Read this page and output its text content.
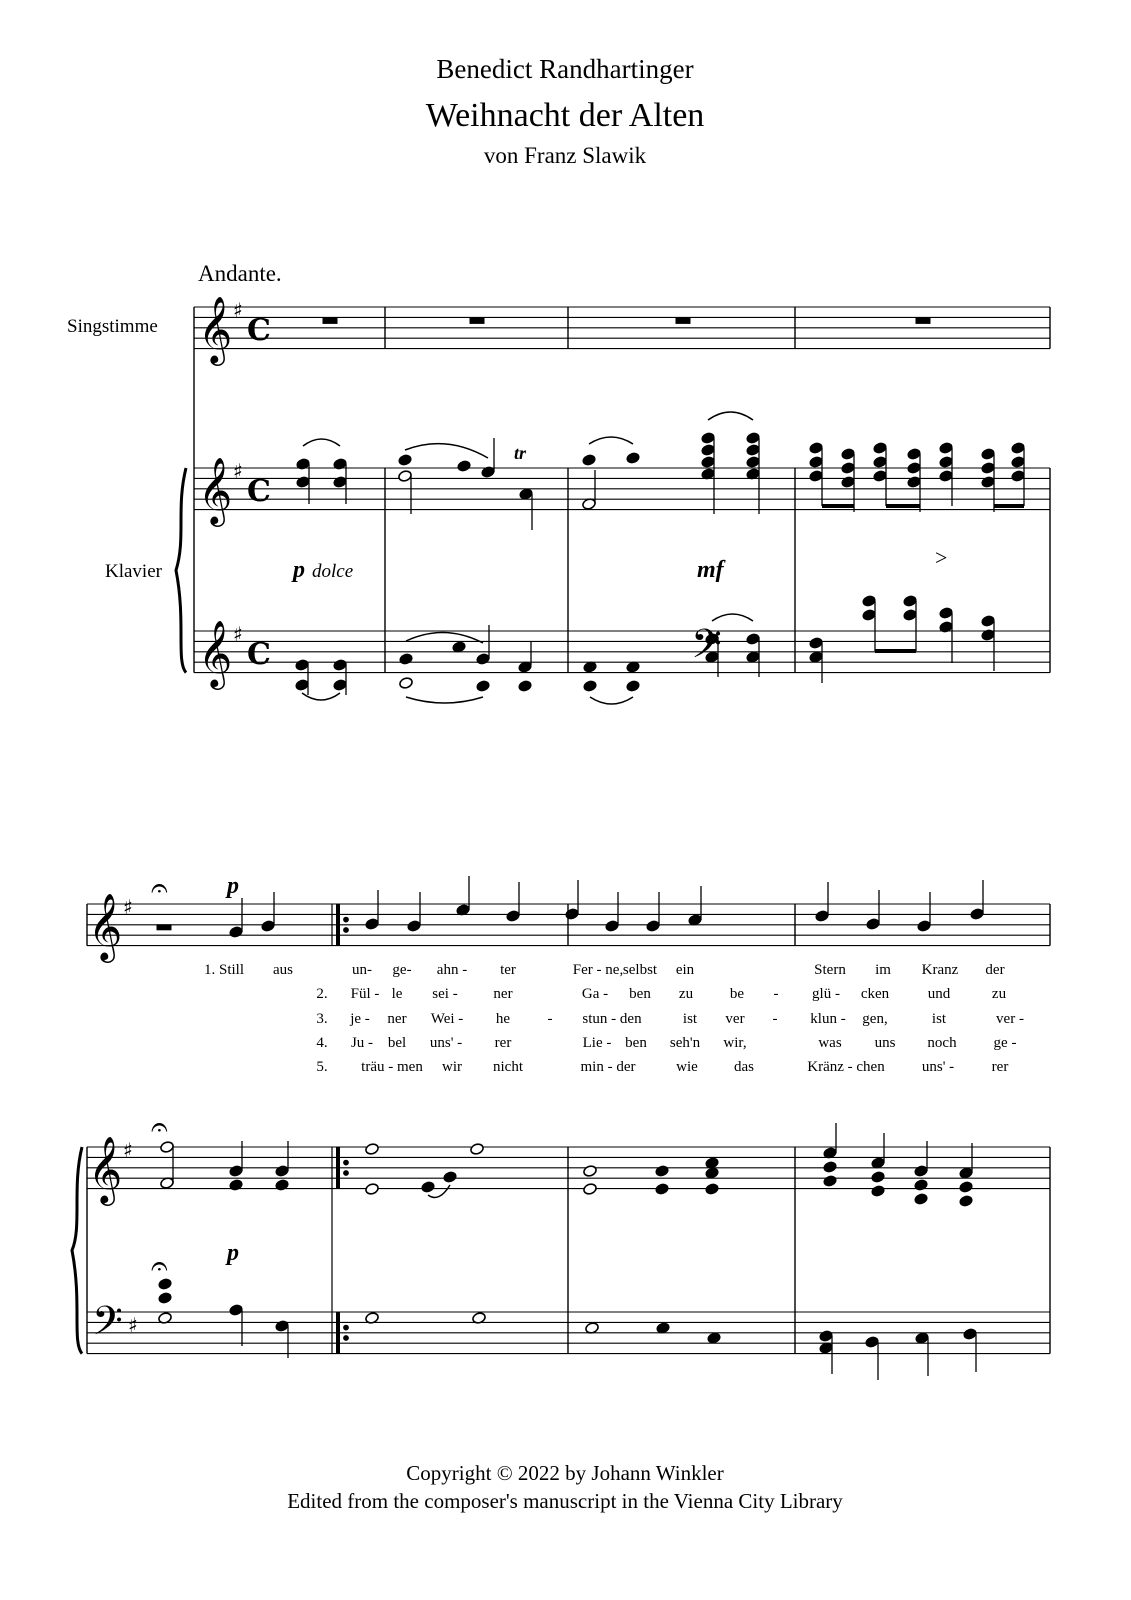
Benedict Randhartinger
Weihnacht der Alten
von Franz Slawik
Andante.
Singstimme
Klavier	p dolce	mf	>
tr
p
p
1. Still aus	un- ge- ahn - ter	Fer - ne, selbst ein	Stern im Kranz der
2. Fül - le sei - ner	Ga - ben zu be - glü - cken	und	zu
3. je - ner Wei - he - stun - den	ist ver - klun - gen,	ist	ver -
4. Ju - bel uns' - rer	Lie - ben seh'n wir,	was uns noch ge -
5. träu - men wir nicht	min - der	wie das	Kränz - chen uns' -	rer
Copyright © 2022 by Johann Winkler
Edited from the composer's manuscript in the Vienna City Library
𝄞
𝄞
𝄞
♯
C
♯
C
♯
C	𝄢
𝄞
𝄞
𝄢
♯
♯
♯
𝄐
𝄐
𝄐
